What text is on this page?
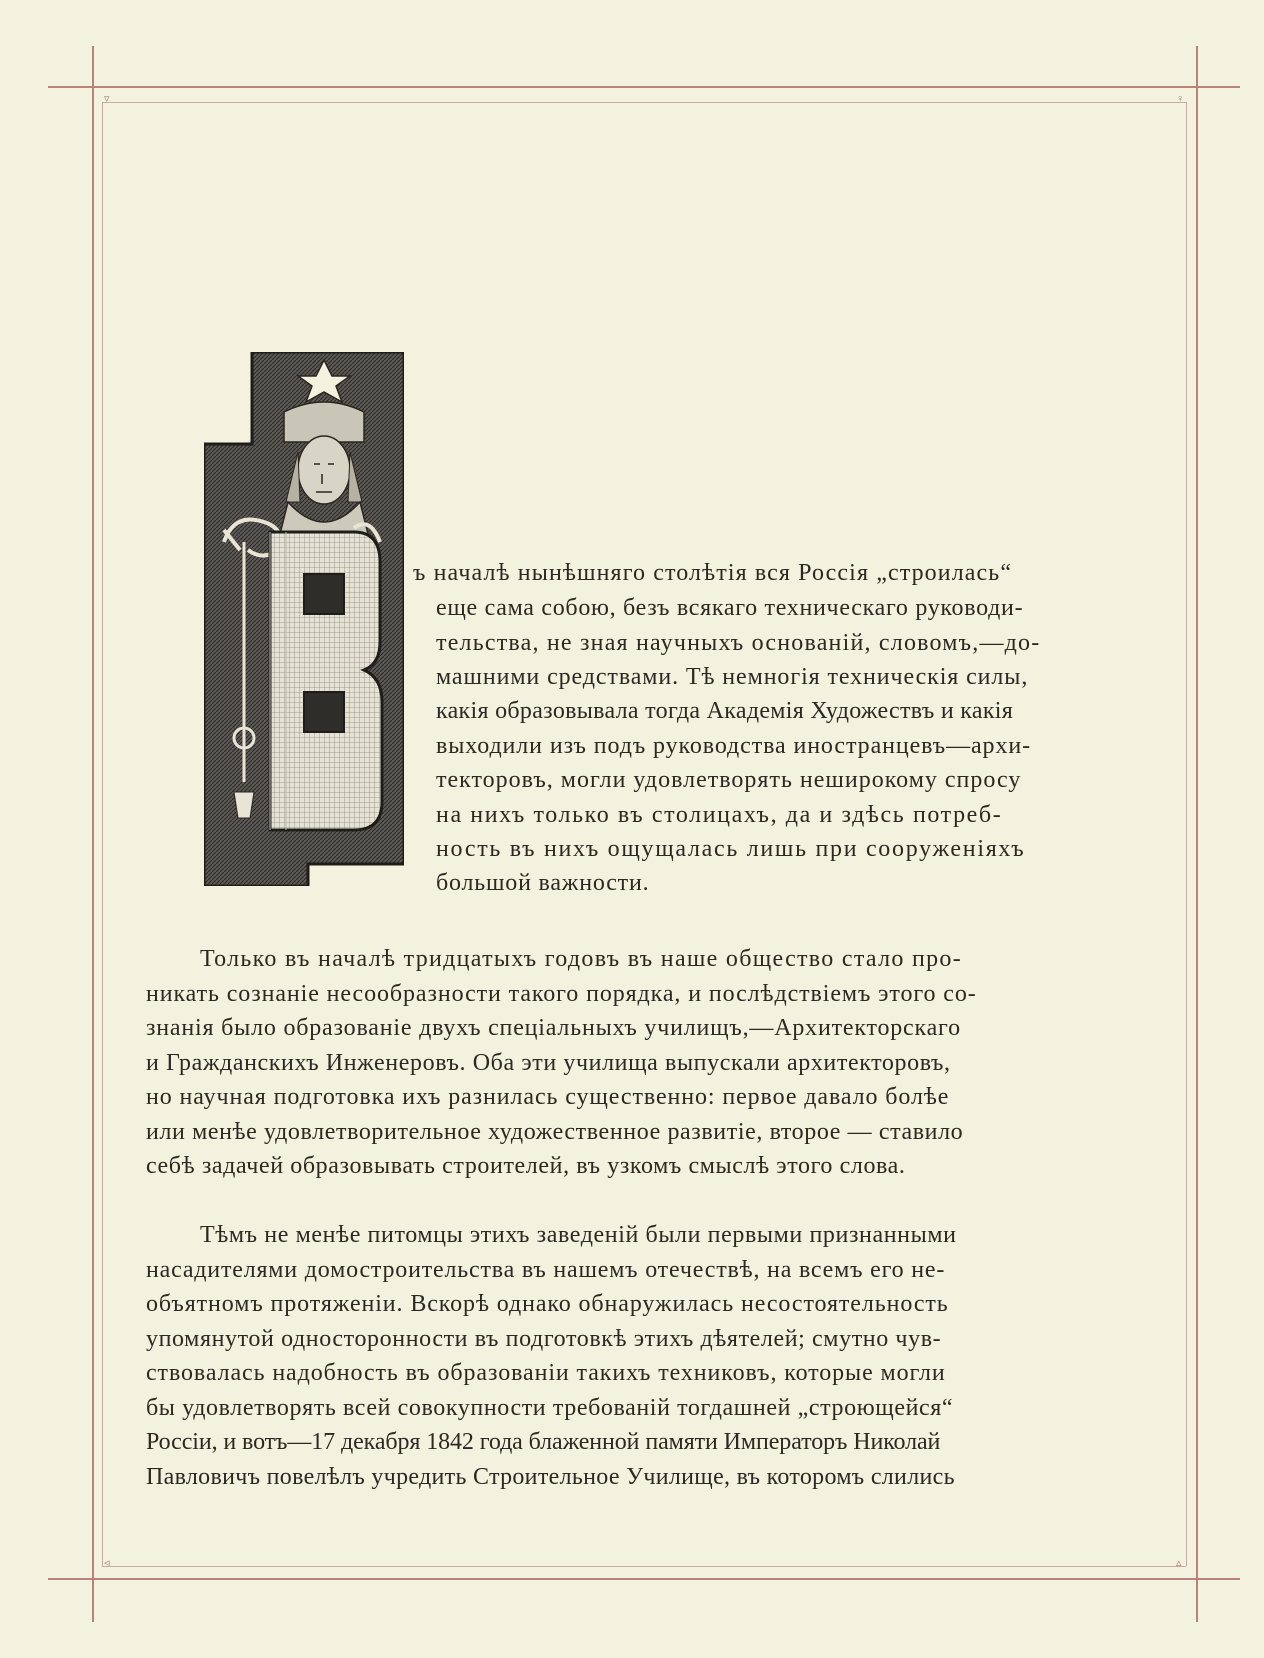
▿	♀
◃	▵
ъ началѣ нынѣшняго столѣтія вся Россія „строилась“
еще сама собою, безъ всякаго техническаго руководи-
тельства, не зная научныхъ основаній, словомъ,—до-
машними средствами. Тѣ немногія техническія силы,
какія образовывала тогда Академія Художествъ и какія
выходили изъ подъ руководства иностранцевъ—архи-
текторовъ, могли удовлетворять неширокому спросу
на нихъ только въ столицахъ, да и здѣсь потреб-
ность въ нихъ ощущалась лишь при сооруженіяхъ
большой важности.
Только въ началѣ тридцатыхъ годовъ въ наше общество стало про-
никать сознаніе несообразности такого порядка, и послѣдствіемъ этого со-
знанія было образованіе двухъ спеціальныхъ училищъ,—Архитекторскаго
и Гражданскихъ Инженеровъ. Оба эти училища выпускали архитекторовъ,
но научная подготовка ихъ разнилась существенно: первое давало болѣе
или менѣе удовлетворительное художественное развитіе, второе — ставило
себѣ задачей образовывать строителей, въ узкомъ смыслѣ этого слова.
Тѣмъ не менѣе питомцы этихъ заведеній были первыми признанными
насадителями домостроительства въ нашемъ отечествѣ, на всемъ его не-
объятномъ протяженіи. Вскорѣ однако обнаружилась несостоятельность
упомянутой односторонности въ подготовкѣ этихъ дѣятелей; смутно чув-
ствовалась надобность въ образованіи такихъ техниковъ, которые могли
бы удовлетворять всей совокупности требованій тогдашней „строющейся“
Россіи, и вотъ—17 декабря 1842 года блаженной памяти Императоръ Николай
Павловичъ повелѣлъ учредить Строительное Училище, въ которомъ слились
